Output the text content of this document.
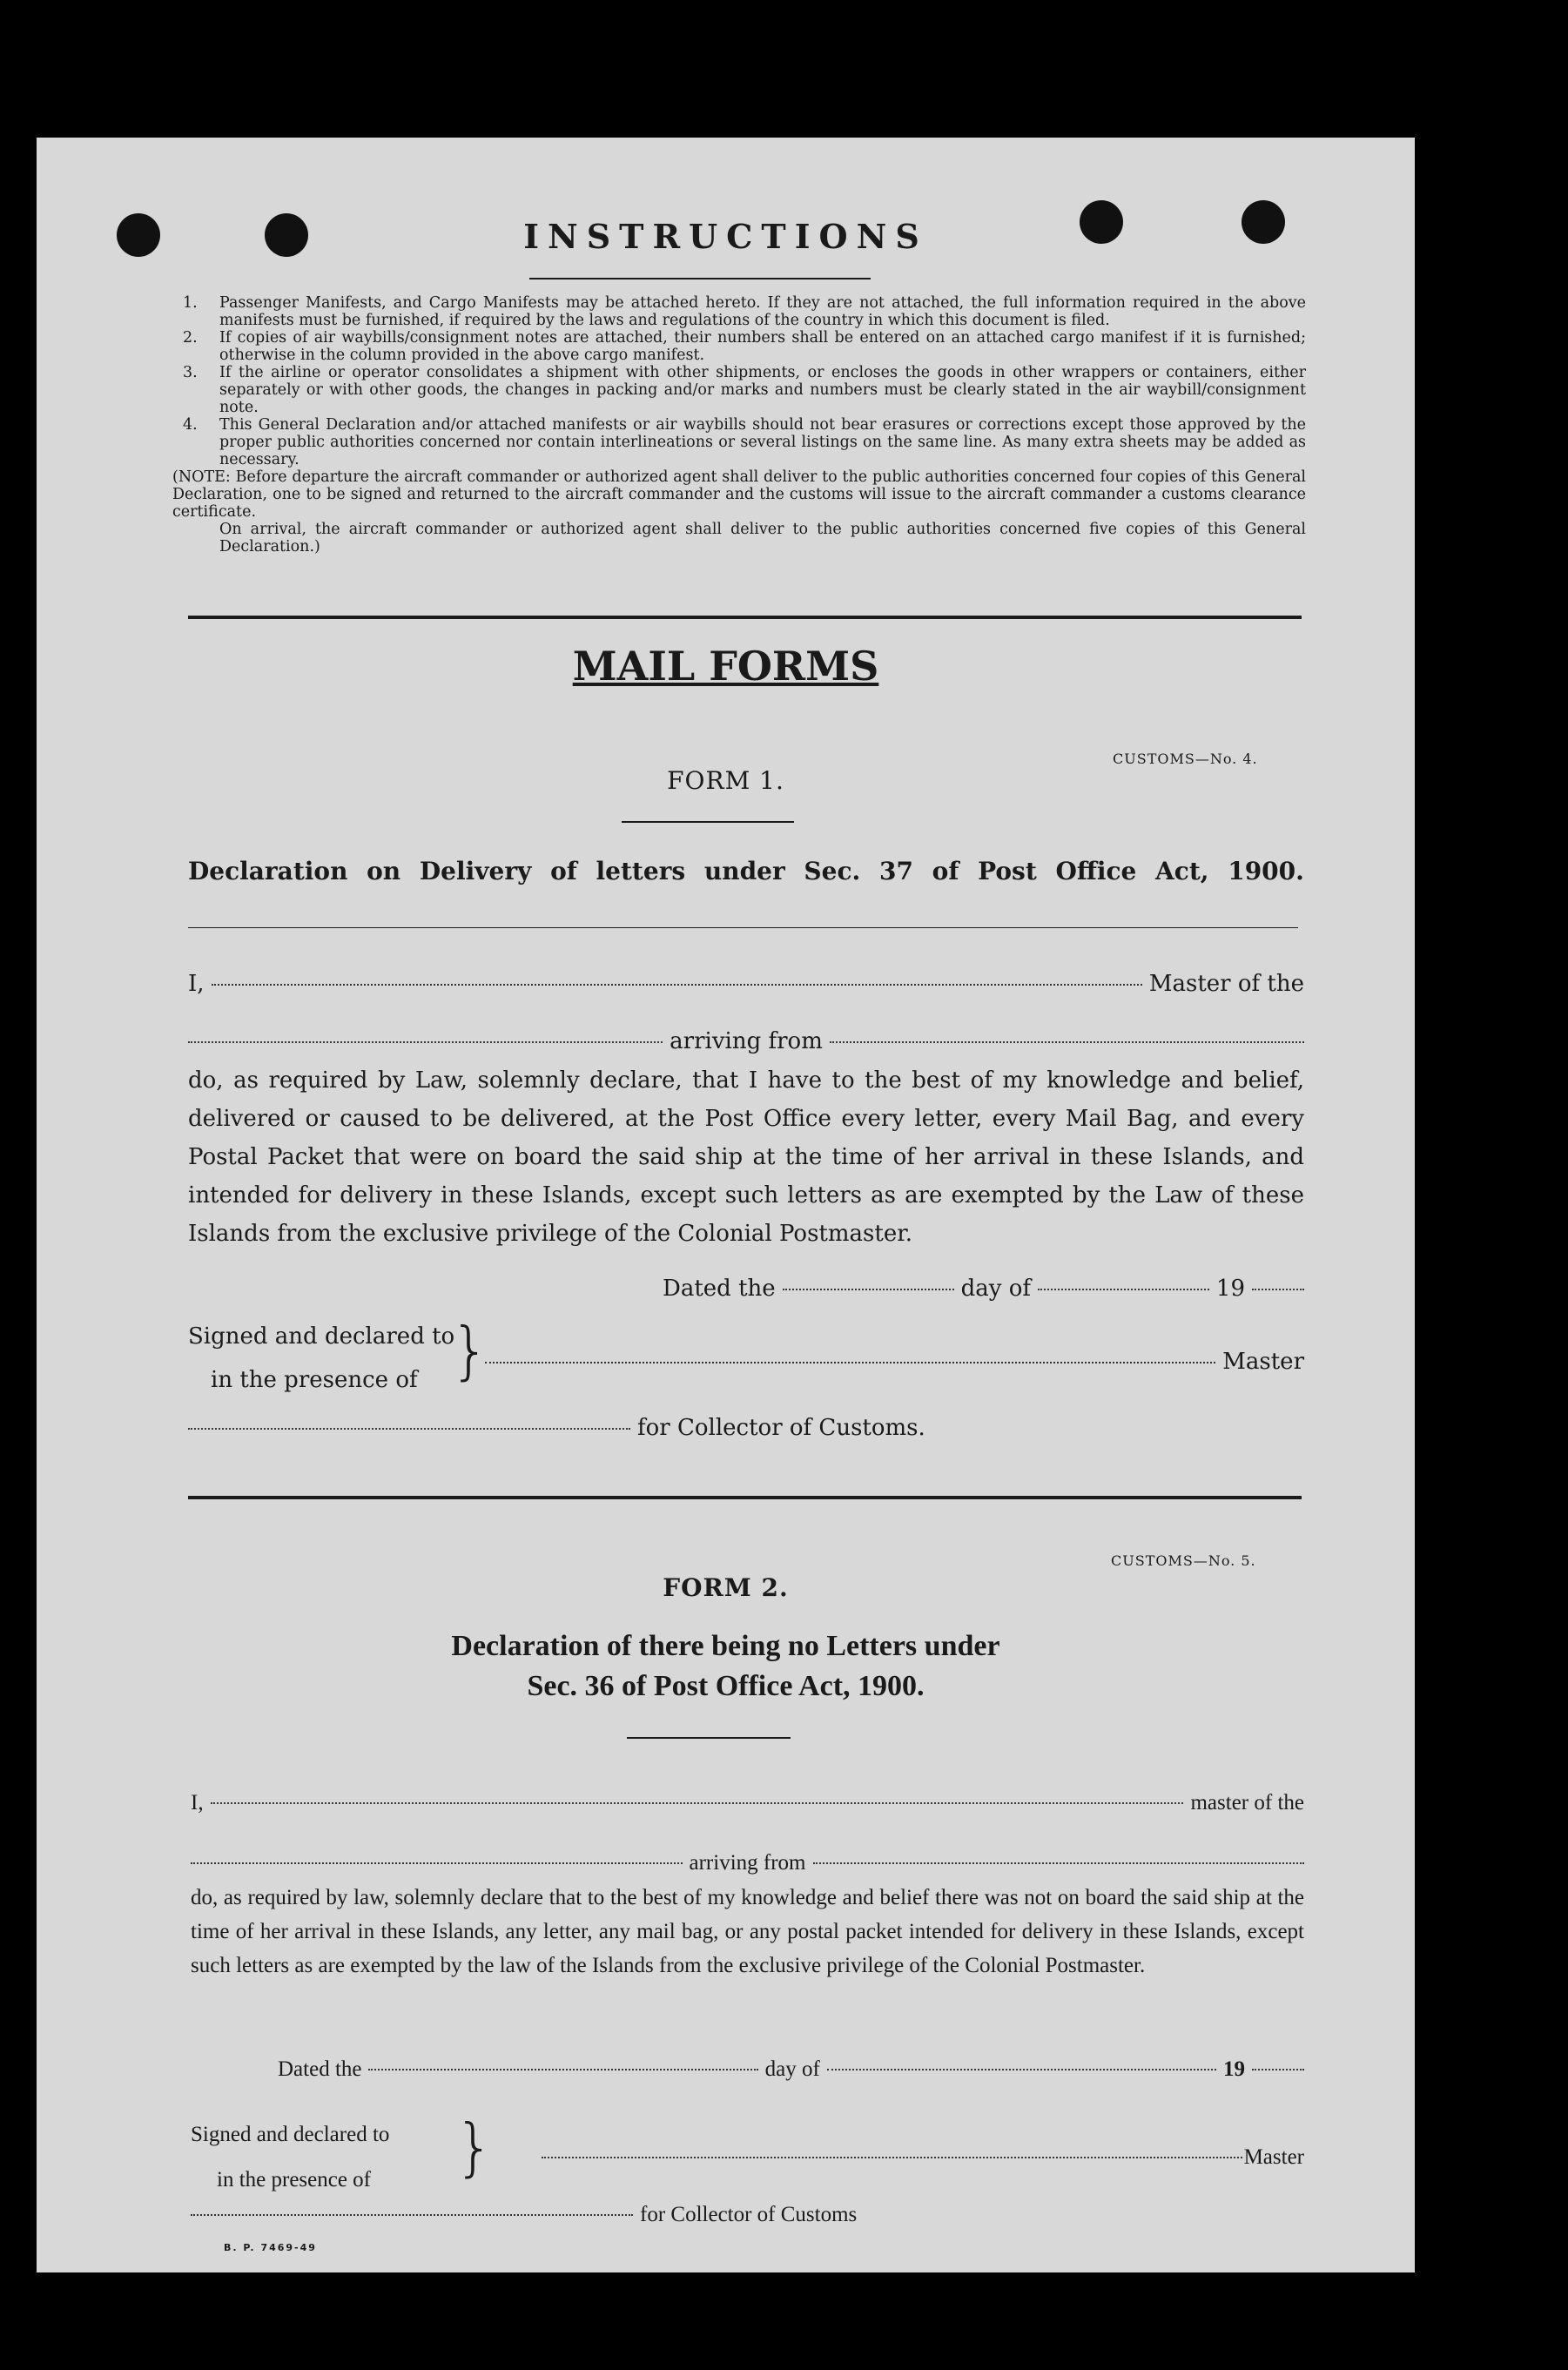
INSTRUCTIONS
1.	Passenger Manifests, and Cargo Manifests may be attached hereto. If they are not attached, the full information required in the above manifests must be furnished, if required by the laws and regulations of the country in which this document is filed.
2.	If copies of air waybills/consignment notes are attached, their numbers shall be entered on an attached cargo manifest if it is furnished; otherwise in the column provided in the above cargo manifest.
3.	If the airline or operator consolidates a shipment with other shipments, or encloses the goods in other wrappers or containers, either separately or with other goods, the changes in packing and/or marks and numbers must be clearly stated in the air waybill/consignment note.
4.	This General Declaration and/or attached manifests or air waybills should not bear erasures or corrections except those approved by the proper public authorities concerned nor contain interlineations or several listings on the same line. As many extra sheets may be added as necessary.
(NOTE: Before departure the aircraft commander or authorized agent shall deliver to the public authorities concerned four copies of this General Declaration, one to be signed and returned to the aircraft commander and the customs will issue to the aircraft commander a customs clearance certificate.
On arrival, the aircraft commander or authorized agent shall deliver to the public authorities concerned five copies of this General Declaration.)
MAIL FORMS
CUSTOMS—No. 4.
FORM 1.
Declaration on Delivery of letters under Sec. 37 of Post Office Act, 1900.
I,	Master of the
arriving from
do, as required by Law, solemnly declare, that I have to the best of my knowledge and belief, delivered or caused to be delivered, at the Post Office every letter, every Mail Bag, and every Postal Packet that were on board the said ship at the time of her arrival in these Islands, and intended for delivery in these Islands, except such letters as are exempted by the Law of these Islands from the exclusive privilege of the Colonial Postmaster.
Dated the	day of	19
Signed and declared to
in the presence of }	Master
for Collector of Customs.
CUSTOMS—No. 5.
FORM 2.
Declaration of there being no Letters under
Sec. 36 of Post Office Act, 1900.
I,	master of the
arriving from
do, as required by law, solemnly declare that to the best of my knowledge and belief there was not on board the said ship at the time of her arrival in these Islands, any letter, any mail bag, or any postal packet intended for delivery in these Islands, except such letters as are exempted by the law of the Islands from the exclusive privilege of the Colonial Postmaster.
Dated the	day of	19
Signed and declared to
in the presence of }	Master
for Collector of Customs
B. P. 7469-49
